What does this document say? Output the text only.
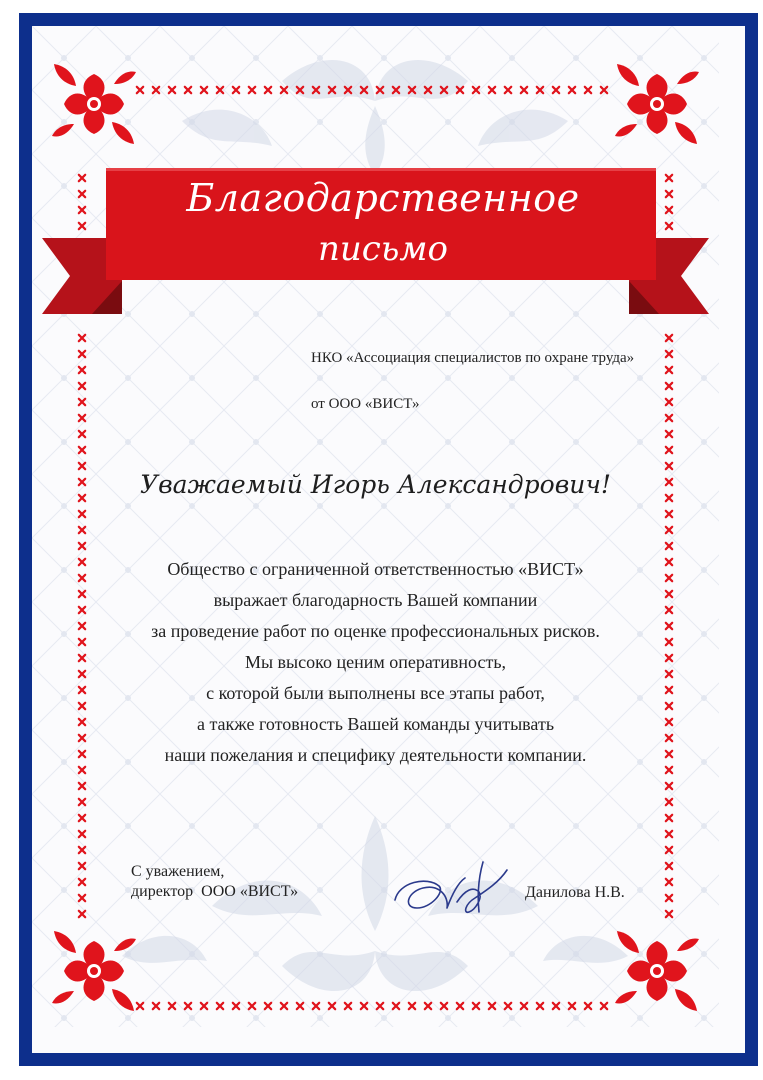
Благодарственное
письмо
НКО «Ассоциация специалистов по охране труда»
от ООО «ВИСТ»
Уважаемый Игорь Александрович!
Общество с ограниченной ответственностью «ВИСТ»
выражает благодарность Вашей компании
за проведение работ по оценке профессиональных рисков.
Мы высоко ценим оперативность,
с которой были выполнены все этапы работ,
а также готовность Вашей команды учитывать
наши пожелания и специфику деятельности компании.
С уважением,
директор  ООО «ВИСТ»	Данилова Н.В.
